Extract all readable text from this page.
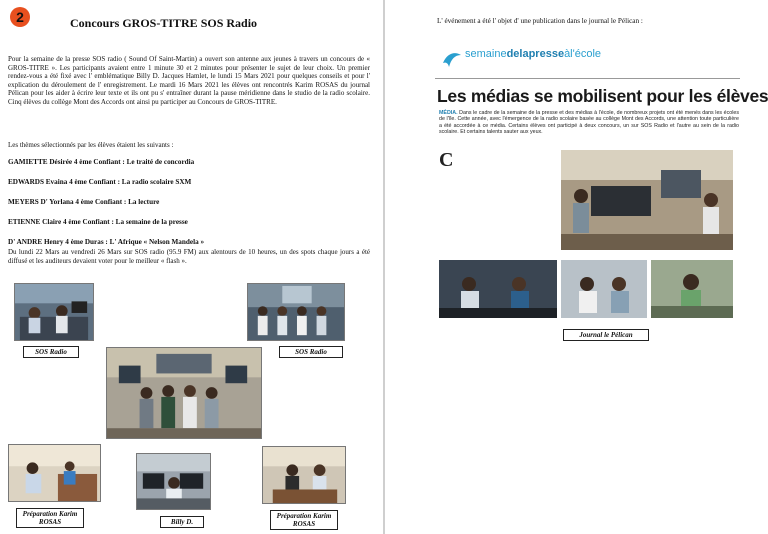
2	Concours GROS-TITRE SOS Radio

Pour la semaine de la presse SOS radio ( Sound Of Saint-Martin) a ouvert son antenne aux jeunes à travers un concours de « GROS-TITRE ». Les participants avaient entre 1 minute 30 et 2 minutes pour présenter le sujet de leur choix. Un premier rendez-vous a été fixé avec l' emblématique Billy D. Jacques Hamlet, le lundi 15 Mars 2021 pour quelques conseils et pour l' explication du déroulement de l' enregistrement. Le mardi 16 Mars 2021 les élèves ont rencontrés Karim ROSAS du journal Pélican pour les aider à écrire leur texte et ils ont pu s' entraîner durant la pause méridienne dans le studio de la radio scolaire. Cinq élèves du collège Mont des Accords ont ainsi pu participer au Concours de GROS-TITRE.

Les thèmes sélectionnés par les élèves étaient les suivants :

GAMIETTE Désirée 4 ème Confiant : Le traité de concordia
EDWARDS Evaina 4 ème Confiant : La radio scolaire SXM
MEYERS D' Yorlana 4 ème Confiant : La lecture
ETIENNE Claire 4 ème Confiant : La semaine de la presse
D' ANDRE Henry 4 ème Duras : L' Afrique « Nelson Mandela »

Du lundi 22 Mars au vendredi 26 Mars sur SOS radio (95.9 FM) aux alentours de 10 heures, un des spots chaque jours a été diffusé et les auditeurs devaient voter pour le meilleur « flash ».

SOS Radio	SOS Radio
Préparation Karim ROSAS	Billy D.
Préparation Karim ROSAS
L' événement a été l' objet d' une publication dans le journal le Pélican :
semainedelapresseàl'école
Les médias se mobilisent pour les élèves

MÉDIA. Dans le cadre de la semaine de la presse et des médias à l'école, de nombreux projets ont été menés dans les écoles de l'île. Cette année, avec l'émergence de la radio scolaire basée au collège Mont des Accords, une attention toute particulière a été accordée à ce média. Certains élèves ont participé à deux concours, un sur SOS Radio et l'autre au sein de la radio scolaire. Et certains talents sauter aux yeux.

C
Journal le Pélican
